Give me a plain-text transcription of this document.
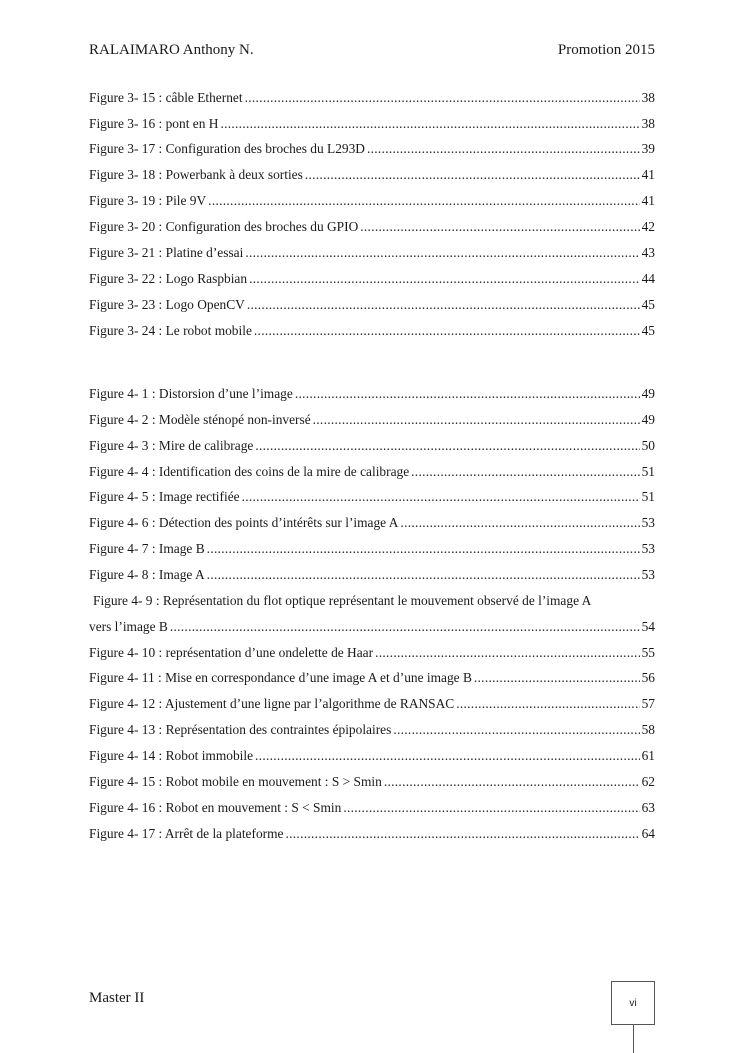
RALAIMARO Anthony N.	Promotion 2015
Figure 3- 15 : câble Ethernet .....	38
Figure 3- 16 : pont en H .....	38
Figure 3- 17 : Configuration des broches du L293D .....	39
Figure 3- 18 : Powerbank à deux sorties .....	41
Figure 3- 19 : Pile 9V .....	41
Figure 3- 20 : Configuration des broches du GPIO .....	42
Figure 3- 21 : Platine d’essai .....	43
Figure 3- 22 : Logo Raspbian .....	44
Figure 3- 23 : Logo OpenCV .....	45
Figure 3- 24 : Le robot mobile .....	45
Figure 4- 1 : Distorsion d’une l’image .....	49
Figure 4- 2 : Modèle sténopé non-inversé .....	49
Figure 4- 3 : Mire de calibrage .....	50
Figure 4- 4 : Identification des coins de la mire de calibrage .....	51
Figure 4- 5 : Image rectifiée .....	51
Figure 4- 6 : Détection des points d’intérêts sur l’image A .....	53
Figure 4- 7 : Image B .....	53
Figure 4- 8 : Image A .....	53
Figure 4- 9 : Représentation du flot optique représentant le mouvement observé de l’image A
vers l’image B .....	54
Figure 4- 10 : représentation d’une ondelette de Haar .....	55
Figure 4- 11 : Mise en correspondance d’une image A et d’une image B .....	56
Figure 4- 12 : Ajustement d’une ligne par l’algorithme de RANSAC .....	57
Figure 4- 13 : Représentation des contraintes épipolaires .....	58
Figure 4- 14 : Robot immobile .....	61
Figure 4- 15 : Robot mobile en mouvement : S > Smin .....	62
Figure 4- 16 : Robot en mouvement : S < Smin .....	63
Figure 4- 17 : Arrêt de la plateforme .....	64
Master II	vi
